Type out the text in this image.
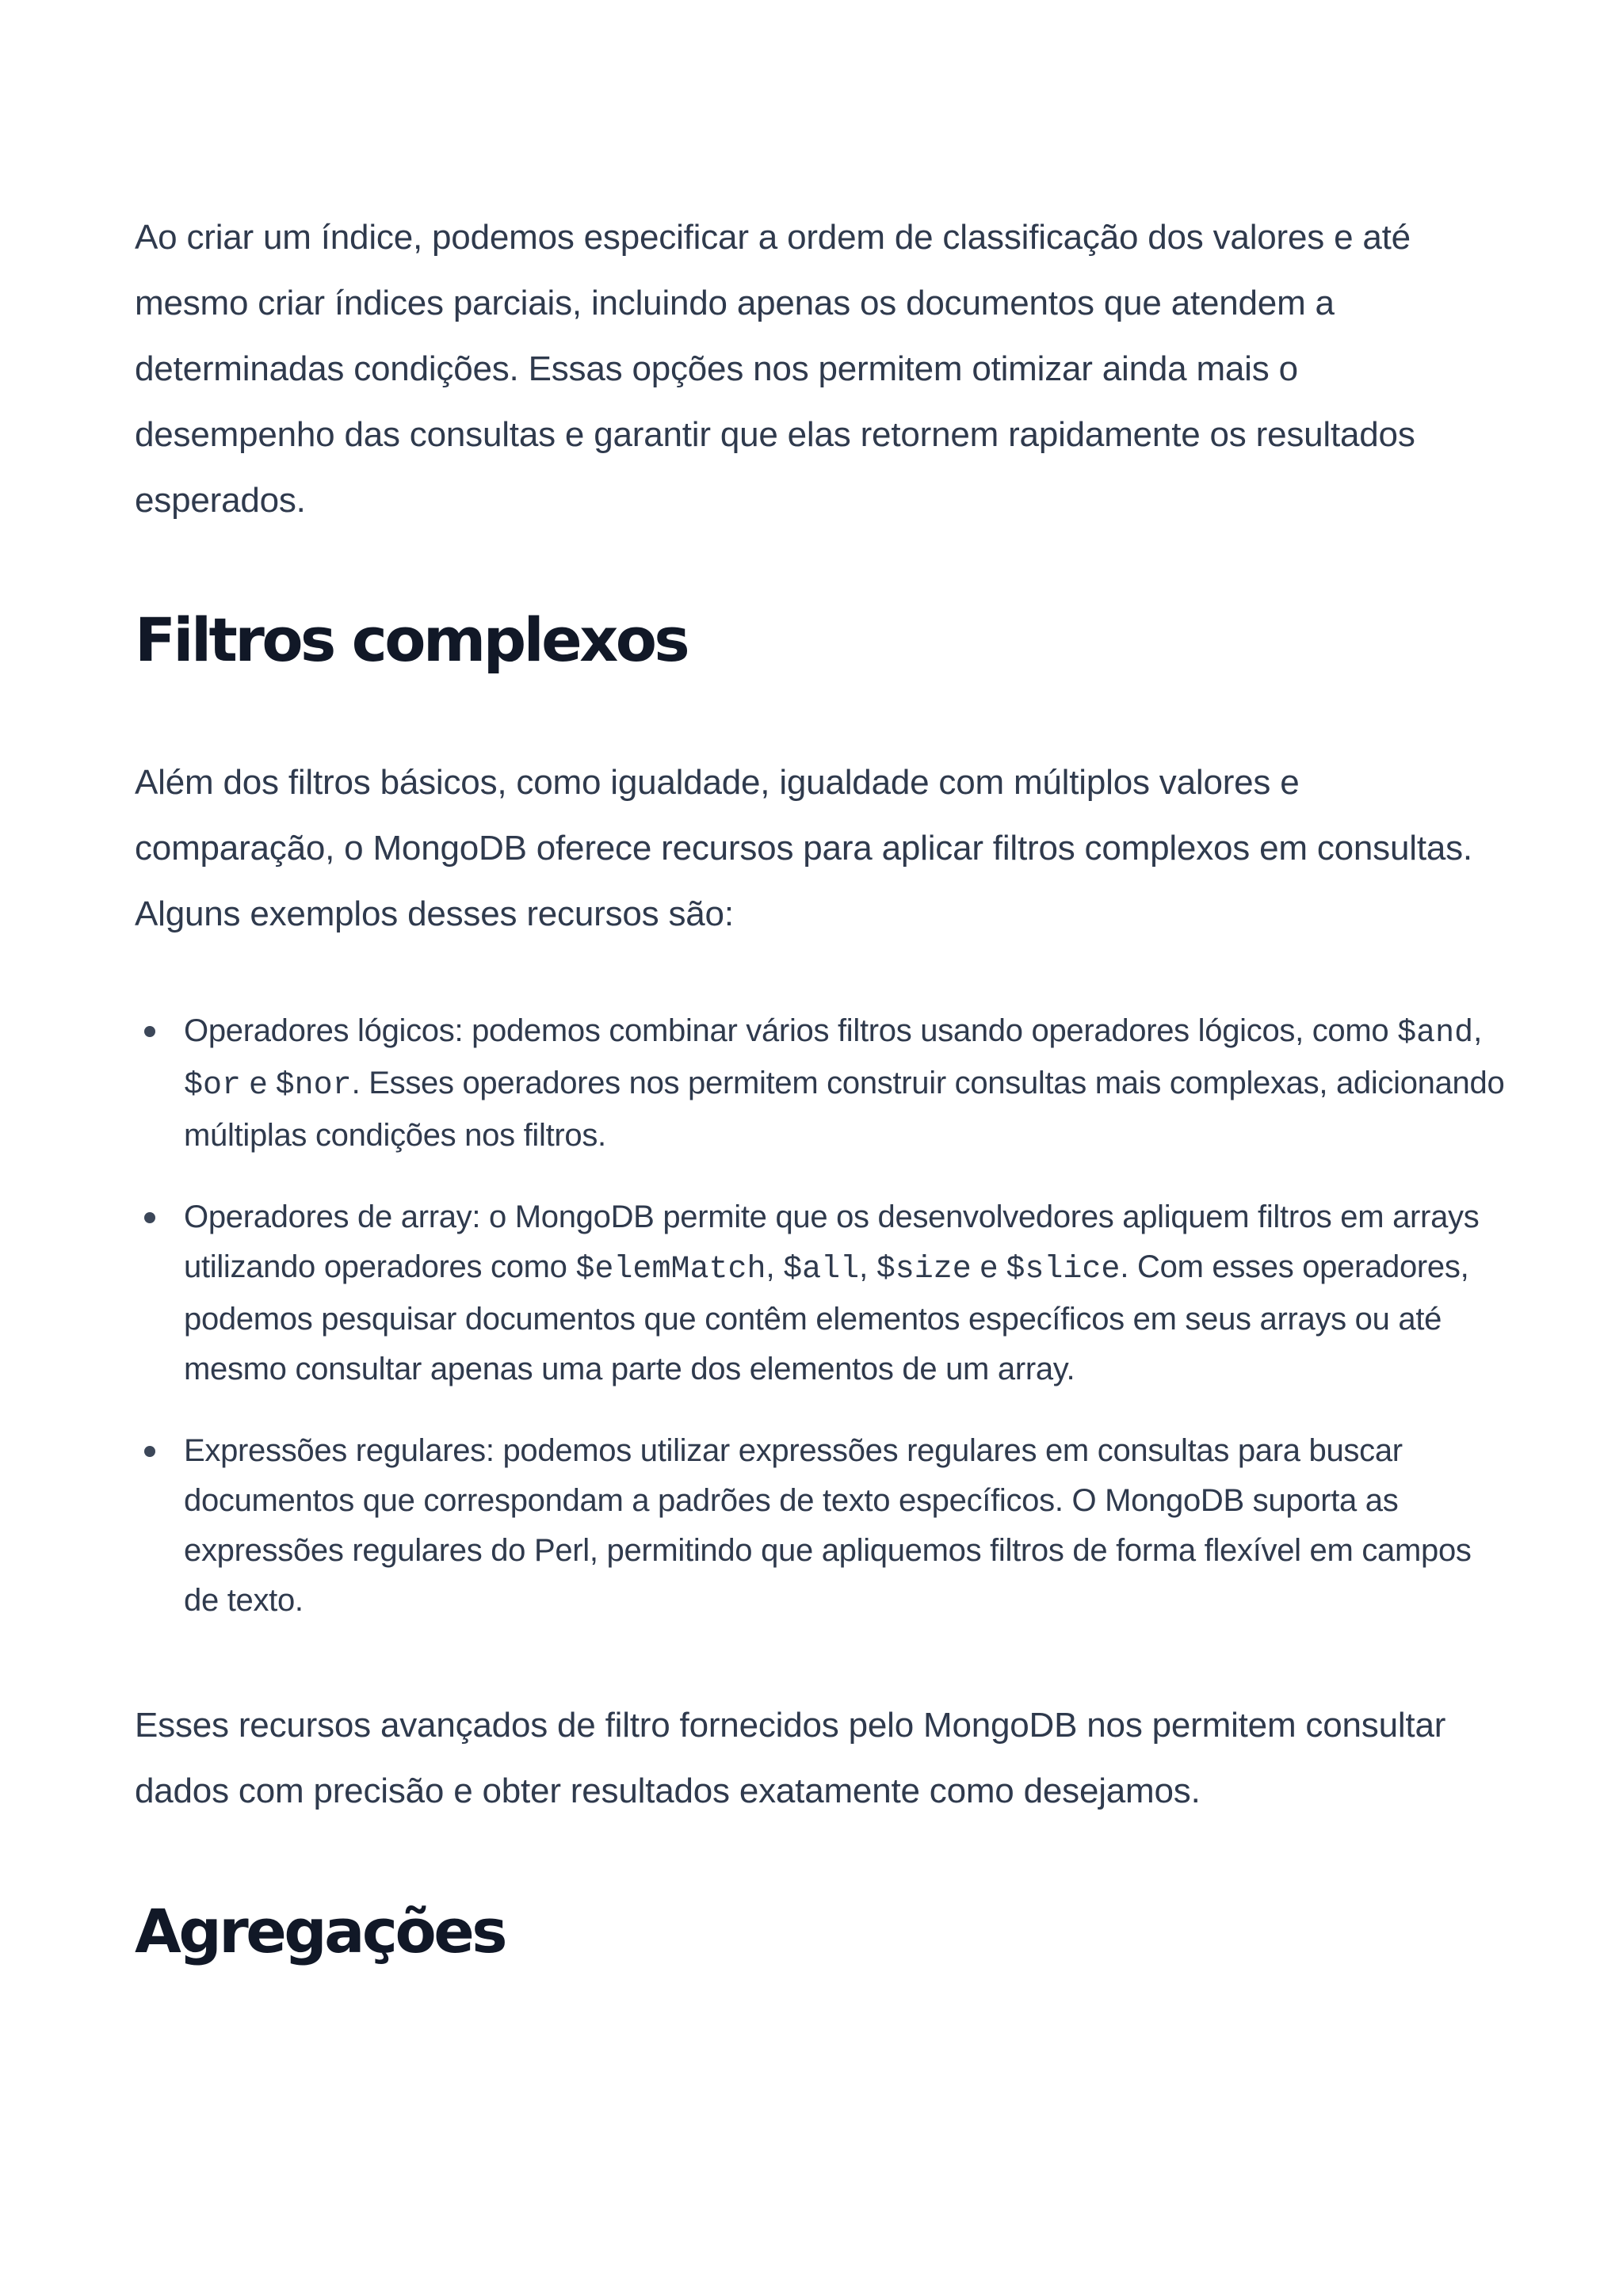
Ao criar um índice, podemos especificar a ordem de classificação dos valores e até mesmo criar índices parciais, incluindo apenas os documentos que atendem a determinadas condições. Essas opções nos permitem otimizar ainda mais o desempenho das consultas e garantir que elas retornem rapidamente os resultados esperados.

Filtros complexos

Além dos filtros básicos, como igualdade, igualdade com múltiplos valores e comparação, o MongoDB oferece recursos para aplicar filtros complexos em consultas. Alguns exemplos desses recursos são:

Operadores lógicos: podemos combinar vários filtros usando operadores lógicos, como $and, $or e $nor. Esses operadores nos permitem construir consultas mais complexas, adicionando múltiplas condições nos filtros.
Operadores de array: o MongoDB permite que os desenvolvedores apliquem filtros em arrays utilizando operadores como $elemMatch, $all, $size e $slice. Com esses operadores, podemos pesquisar documentos que contêm elementos específicos em seus arrays ou até mesmo consultar apenas uma parte dos elementos de um array.
Expressões regulares: podemos utilizar expressões regulares em consultas para buscar documentos que correspondam a padrões de texto específicos. O MongoDB suporta as expressões regulares do Perl, permitindo que apliquemos filtros de forma flexível em campos de texto.

Esses recursos avançados de filtro fornecidos pelo MongoDB nos permitem consultar dados com precisão e obter resultados exatamente como desejamos.

Agregações
